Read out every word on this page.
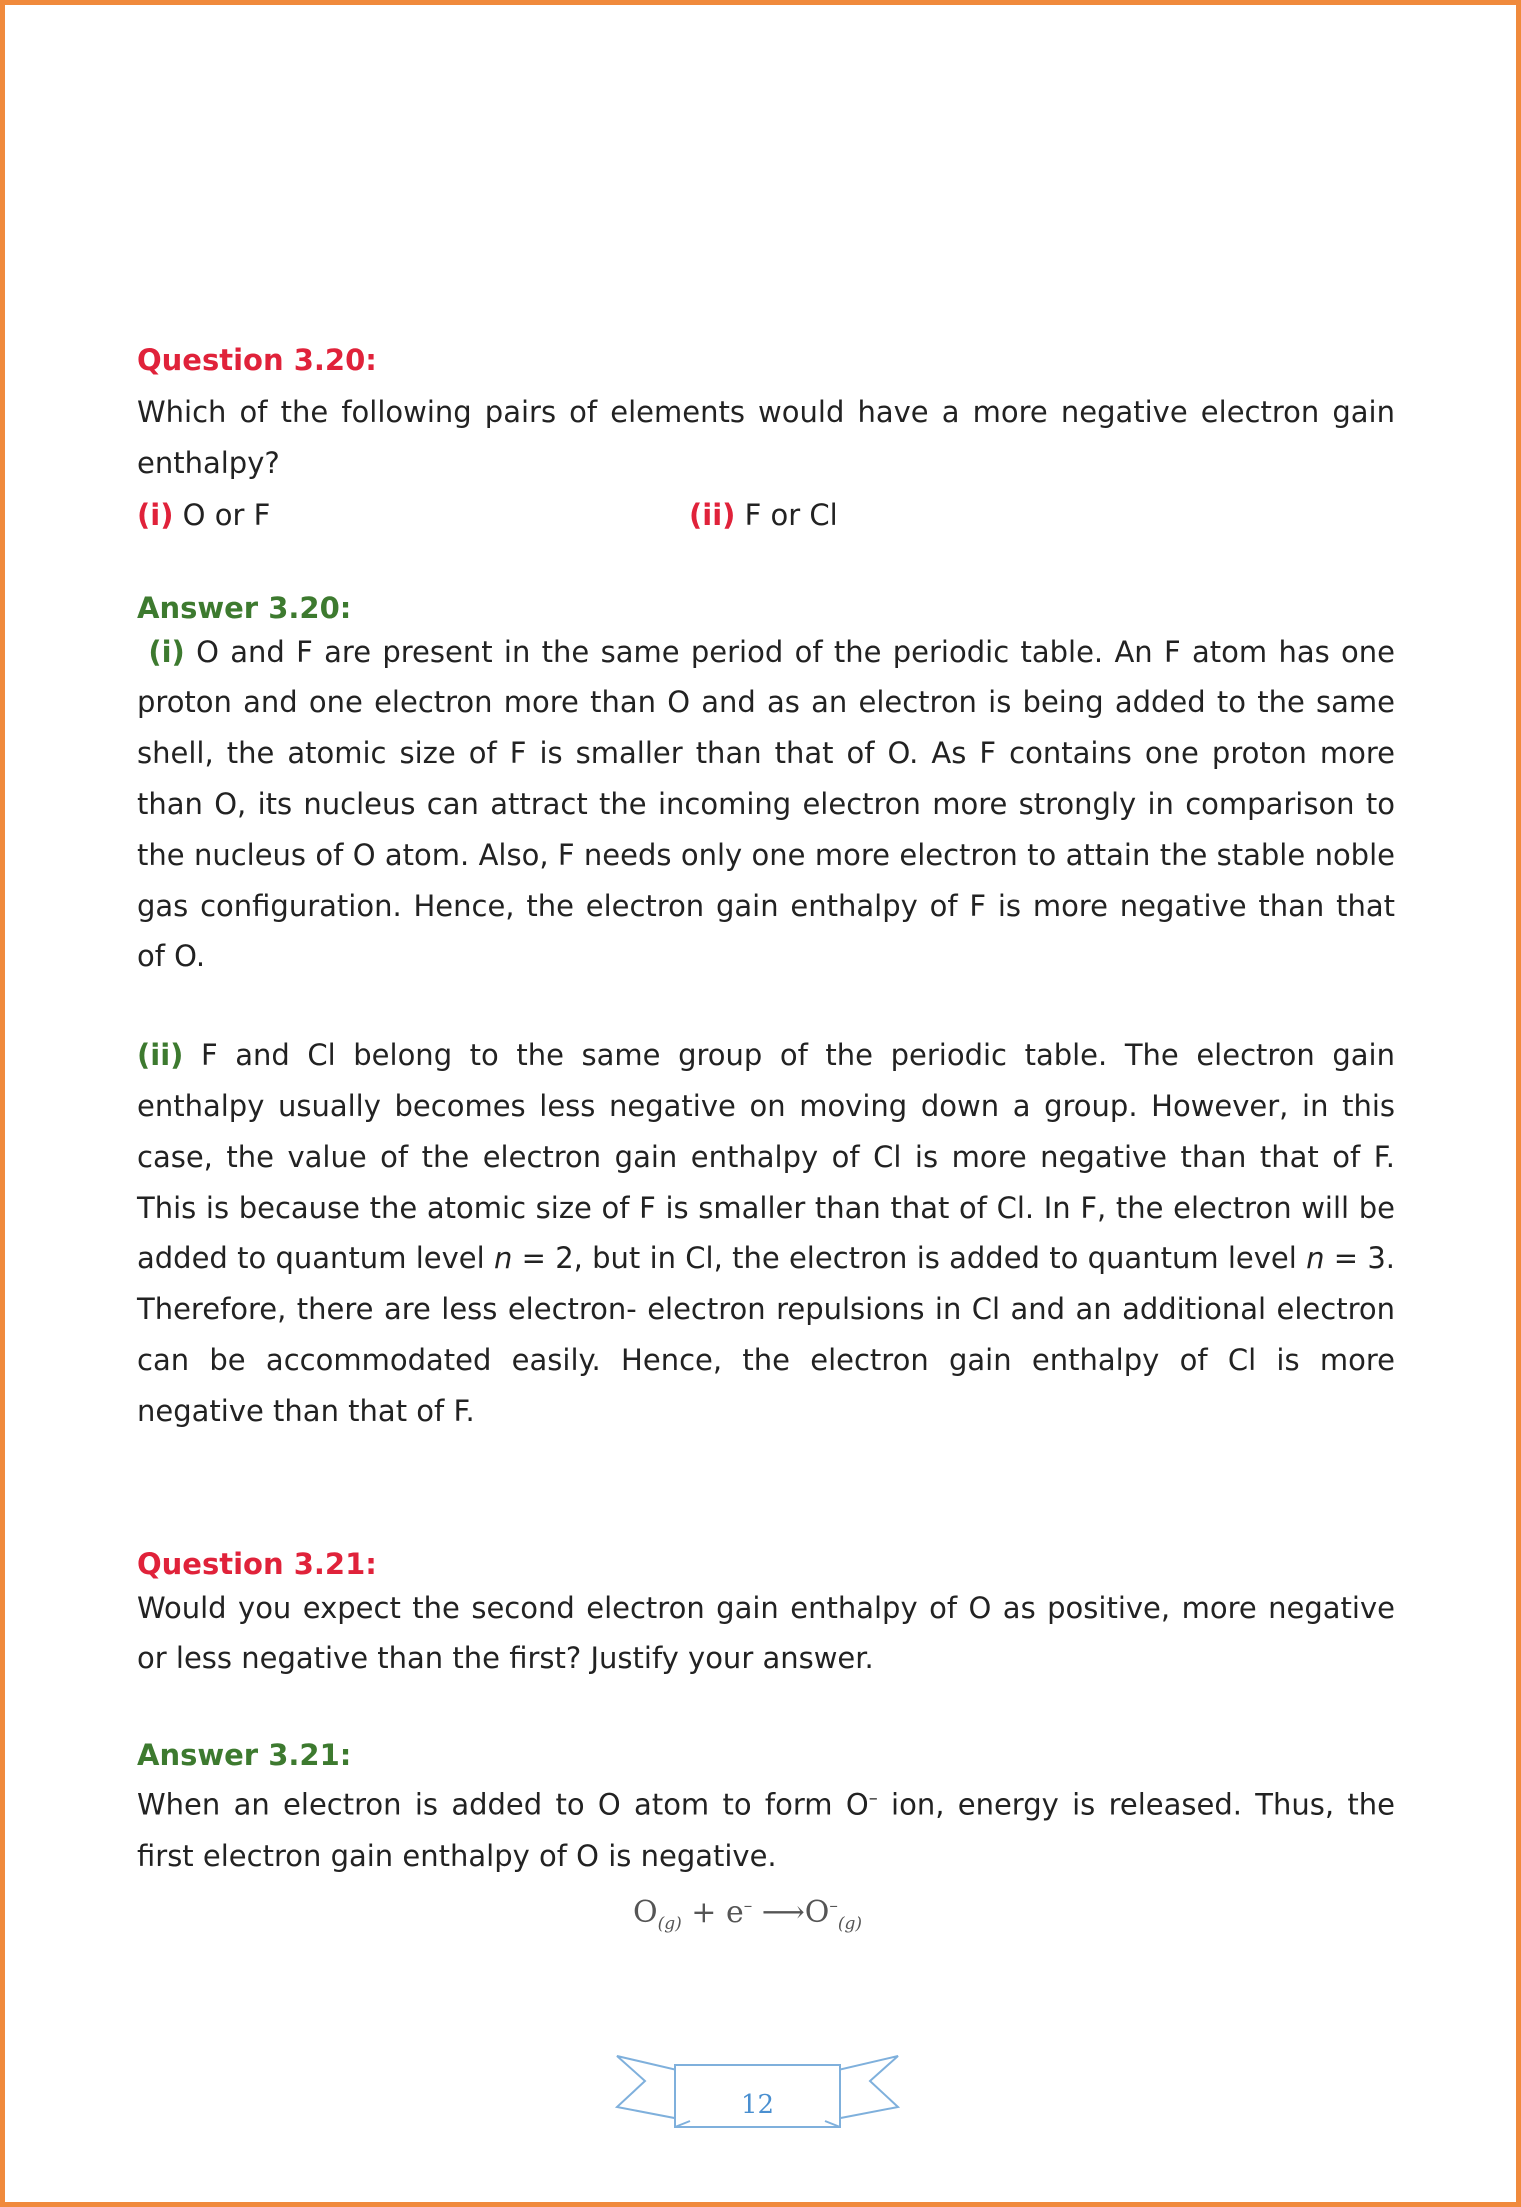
Question 3.20:

Which of the following pairs of elements would have a more negative electron gain enthalpy?

(i) O or F	(ii) F or Cl

Answer 3.20:

(i) O and F are present in the same period of the periodic table. An F atom has one proton and one electron more than O and as an electron is being added to the same shell, the atomic size of F is smaller than that of O. As F contains one proton more than O, its nucleus can attract the incoming electron more strongly in comparison to the nucleus of O atom. Also, F needs only one more electron to attain the stable noble gas configuration. Hence, the electron gain enthalpy of F is more negative than that of O.

(ii) F and Cl belong to the same group of the periodic table. The electron gain enthalpy usually becomes less negative on moving down a group. However, in this case, the value of the electron gain enthalpy of Cl is more negative than that of F. This is because the atomic size of F is smaller than that of Cl. In F, the electron will be added to quantum level n = 2, but in Cl, the electron is added to quantum level n = 3. Therefore, there are less electron- electron repulsions in Cl and an additional electron can be accommodated easily. Hence, the electron gain enthalpy of Cl is more negative than that of F.

Question 3.21:

Would you expect the second electron gain enthalpy of O as positive, more negative or less negative than the first? Justify your answer.

Answer 3.21:

When an electron is added to O atom to form O– ion, energy is released. Thus, the first electron gain enthalpy of O is negative.

$O_{(g)} + e^-$ $⟶O^-_{(g)}$
12
